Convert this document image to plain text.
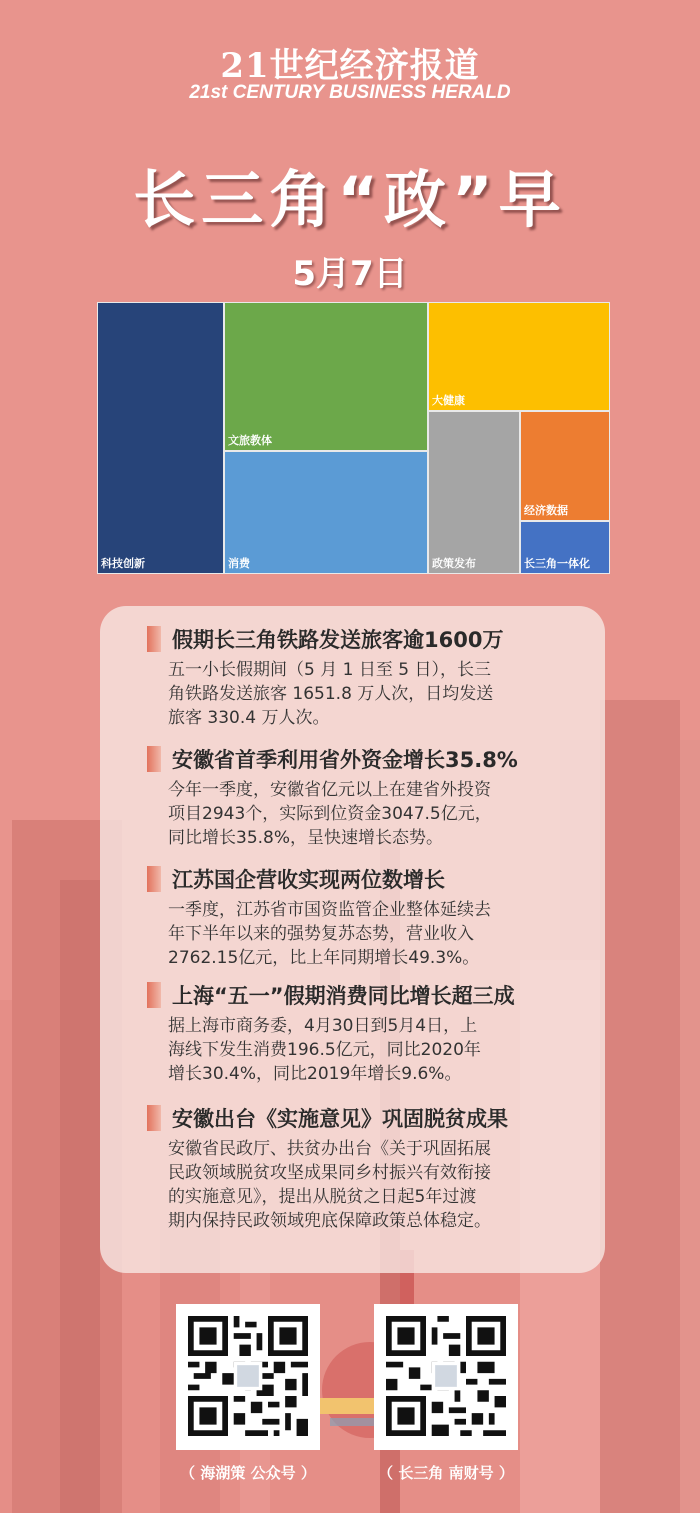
21世纪经济报道
21st CENTURY BUSINESS HERALD
长三角“政”早
5月7日
科技创新
文旅教体
消费
大健康
政策发布
经济数据
长三角一体化
假期长三角铁路发送旅客逾1600万
五一小长假期间（5 月 1 日至 5 日），长三
角铁路发送旅客 1651.8 万人次，日均发送
旅客 330.4 万人次。
安徽省首季利用省外资金增长35.8%
今年一季度，安徽省亿元以上在建省外投资
项目2943个，实际到位资金3047.5亿元，
同比增长35.8%，呈快速增长态势。
江苏国企营收实现两位数增长
一季度，江苏省市国资监管企业整体延续去
年下半年以来的强势复苏态势，营业收入
2762.15亿元，比上年同期增长49.3%。
上海“五一”假期消费同比增长超三成
据上海市商务委，4月30日到5月4日，上
海线下发生消费196.5亿元，同比2020年
增长30.4%，同比2019年增长9.6%。
安徽出台《实施意见》巩固脱贫成果
安徽省民政厅、扶贫办出台《关于巩固拓展
民政领域脱贫攻坚成果同乡村振兴有效衔接
的实施意见》，提出从脱贫之日起5年过渡
期内保持民政领域兜底保障政策总体稳定。
（ 海湖策 公众号 ）	（ 长三角 南财号 ）
